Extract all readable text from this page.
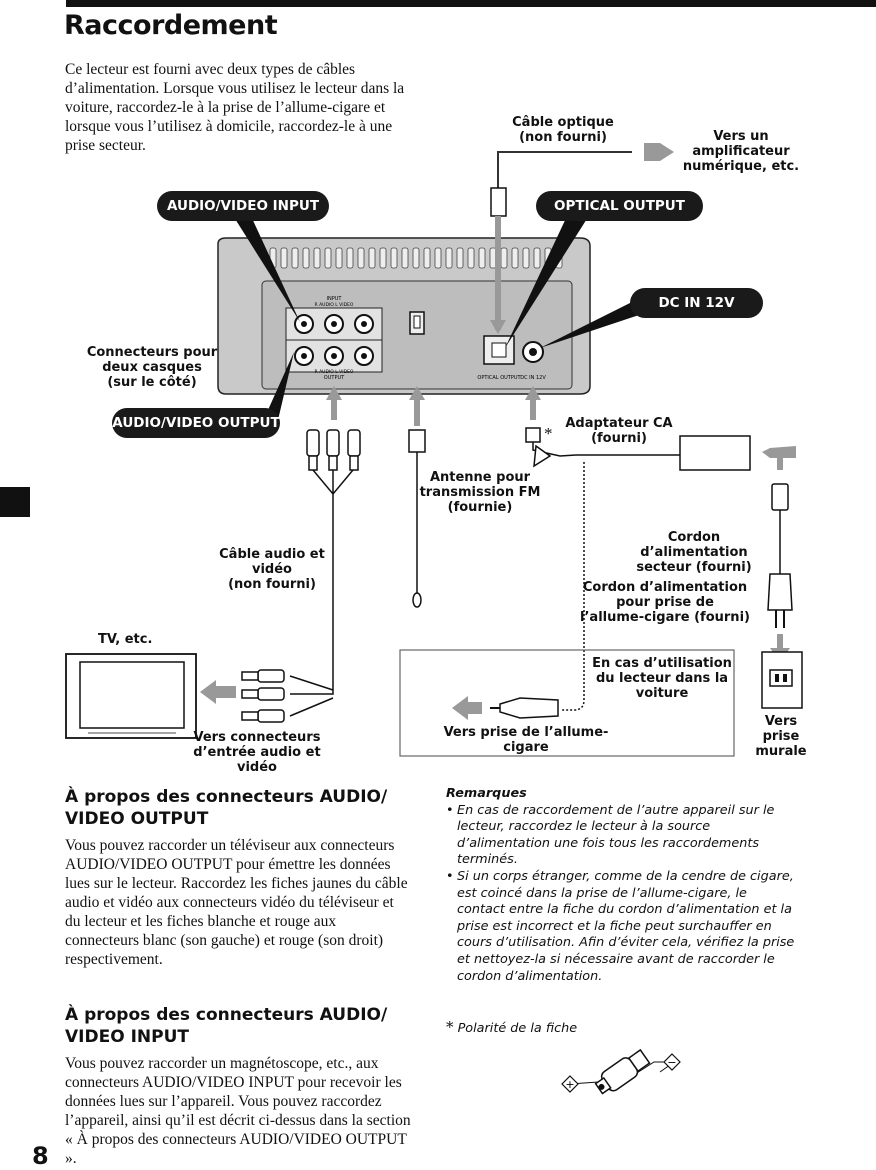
Raccordement
Ce lecteur est fourni avec deux types de câbles d’alimentation. Lorsque vous utilisez le lecteur dans la voiture, raccordez-le à la prise de l’allume-cigare et lorsque vous l’utilisez à domicile, raccordez-le à une prise secteur.
INPUT
R AUDIO L VIDEO
R AUDIO L VIDEO
OUTPUT	OPTICAL OUTPUT DC IN 12V
AUDIO/VIDEO INPUT	OPTICAL OUTPUT
DC IN 12V
AUDIO/VIDEO OUTPUT
Câble optique
(non fourni)	Vers un
amplificateur
numérique, etc.
Connecteurs pour
deux casques
(sur le côté)
Adaptateur CA
(fourni)
*
Antenne pour
transmission FM
(fournie)
Câble audio et
vidéo
(non fourni)
Cordon d’alimentation
secteur (fourni)
Cordon d’alimentation
pour prise de
l’allume-cigare (fourni)
TV, etc.
En cas d’utilisation
du lecteur dans la
voiture
Vers connecteurs
d’entrée audio et vidéo
Vers prise de l’allume-cigare
Vers
prise
murale
À propos des connecteurs AUDIO/
VIDEO OUTPUT
Vous pouvez raccorder un téléviseur aux connecteurs AUDIO/VIDEO OUTPUT pour émettre les données lues sur le lecteur. Raccordez les fiches jaunes du câble audio et vidéo aux connecteurs vidéo du téléviseur et du lecteur et les fiches blanche et rouge aux connecteurs blanc (son gauche) et rouge (son droit) respectivement.
À propos des connecteurs AUDIO/
VIDEO INPUT
Vous pouvez raccorder un magnétoscope, etc., aux connecteurs AUDIO/VIDEO INPUT pour recevoir les données lues sur l’appareil. Vous pouvez raccordez l’appareil, ainsi qu’il est décrit ci-dessus dans la section « À propos des connecteurs AUDIO/VIDEO OUTPUT ».
Remarques
• En cas de raccordement de l’autre appareil sur le lecteur, raccordez le lecteur à la source d’alimentation une fois tous les raccordements terminés.
• Si un corps étranger, comme de la cendre de cigare, est coincé dans la prise de l’allume-cigare, le contact entre la fiche du cordon d’alimentation et la prise est incorrect et la fiche peut surchauffer en cours d’utilisation. Afin d’éviter cela, vérifiez la prise et nettoyez-la si nécessaire avant de raccorder le cordon d’alimentation.
* Polarité de la fiche
+
−
8
